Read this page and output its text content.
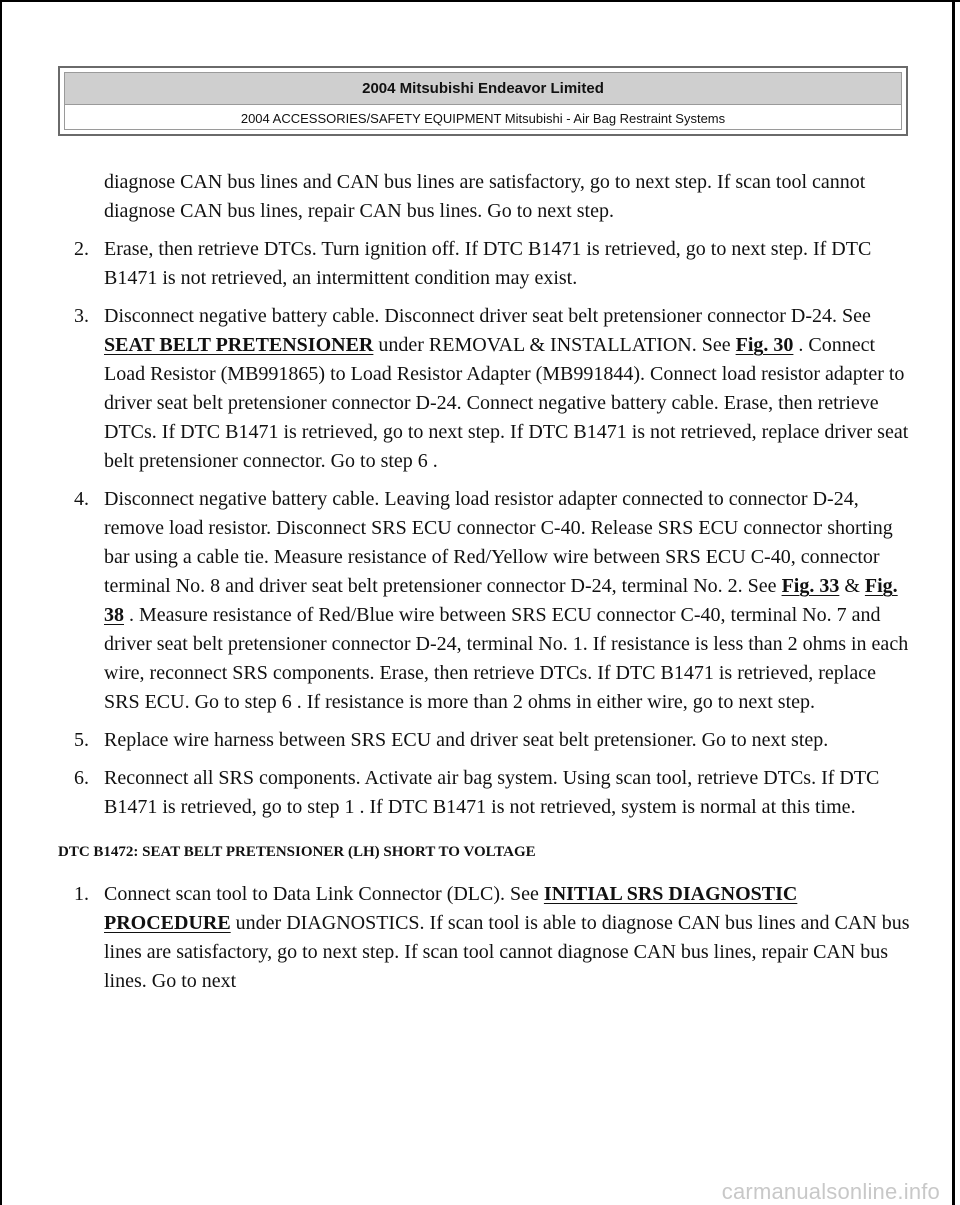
2004 Mitsubishi Endeavor Limited
2004 ACCESSORIES/SAFETY EQUIPMENT Mitsubishi - Air Bag Restraint Systems
diagnose CAN bus lines and CAN bus lines are satisfactory, go to next step. If scan tool cannot diagnose CAN bus lines, repair CAN bus lines. Go to next step.
2. Erase, then retrieve DTCs. Turn ignition off. If DTC B1471 is retrieved, go to next step. If DTC B1471 is not retrieved, an intermittent condition may exist.
3. Disconnect negative battery cable. Disconnect driver seat belt pretensioner connector D-24. See SEAT BELT PRETENSIONER under REMOVAL & INSTALLATION. See Fig. 30 . Connect Load Resistor (MB991865) to Load Resistor Adapter (MB991844). Connect load resistor adapter to driver seat belt pretensioner connector D-24. Connect negative battery cable. Erase, then retrieve DTCs. If DTC B1471 is retrieved, go to next step. If DTC B1471 is not retrieved, replace driver seat belt pretensioner connector. Go to step 6 .
4. Disconnect negative battery cable. Leaving load resistor adapter connected to connector D-24, remove load resistor. Disconnect SRS ECU connector C-40. Release SRS ECU connector shorting bar using a cable tie. Measure resistance of Red/Yellow wire between SRS ECU C-40, connector terminal No. 8 and driver seat belt pretensioner connector D-24, terminal No. 2. See Fig. 33 & Fig. 38 . Measure resistance of Red/Blue wire between SRS ECU connector C-40, terminal No. 7 and driver seat belt pretensioner connector D-24, terminal No. 1. If resistance is less than 2 ohms in each wire, reconnect SRS components. Erase, then retrieve DTCs. If DTC B1471 is retrieved, replace SRS ECU. Go to step 6 . If resistance is more than 2 ohms in either wire, go to next step.
5. Replace wire harness between SRS ECU and driver seat belt pretensioner. Go to next step.
6. Reconnect all SRS components. Activate air bag system. Using scan tool, retrieve DTCs. If DTC B1471 is retrieved, go to step 1 . If DTC B1471 is not retrieved, system is normal at this time.
DTC B1472: SEAT BELT PRETENSIONER (LH) SHORT TO VOLTAGE
1. Connect scan tool to Data Link Connector (DLC). See INITIAL SRS DIAGNOSTIC PROCEDURE under DIAGNOSTICS. If scan tool is able to diagnose CAN bus lines and CAN bus lines are satisfactory, go to next step. If scan tool cannot diagnose CAN bus lines, repair CAN bus lines. Go to next
carmanualsonline.info
